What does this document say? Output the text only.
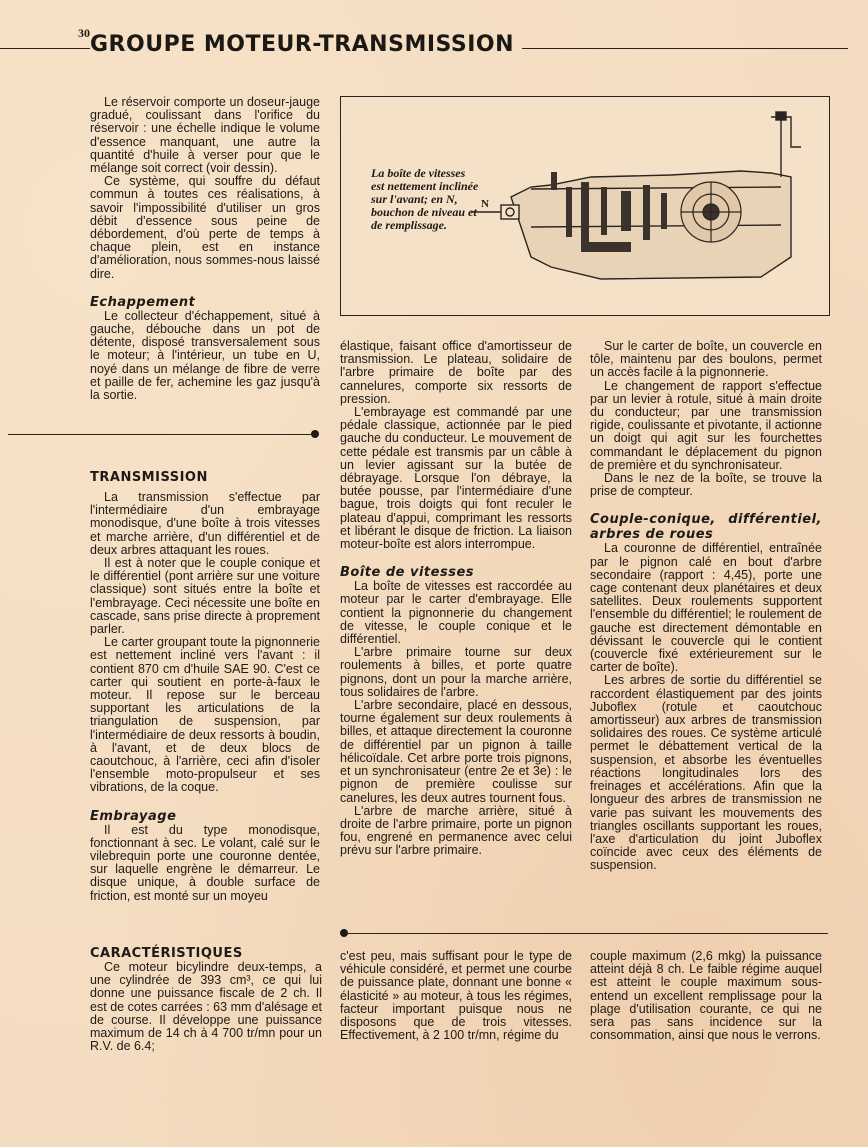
30 GROUPE MOTEUR-TRANSMISSION

Le réservoir comporte un doseur-jauge gradué, coulissant dans l'orifice du réservoir : une échelle indique le volume d'essence manquant, une autre la quantité d'huile à verser pour que le mélange soit correct (voir dessin).

Ce système, qui souffre du défaut commun à toutes ces réalisations, à savoir l'impossibilité d'utiliser un gros débit d'essence sous peine de débordement, d'où perte de temps à chaque plein, est en instance d'amélioration, nous sommes-nous laissé dire.

Echappement

Le collecteur d'échappement, situé à gauche, débouche dans un pot de détente, disposé transversalement sous le moteur; à l'intérieur, un tube en U, noyé dans un mélange de fibre de verre et paille de fer, achemine les gaz jusqu'à la sortie.

TRANSMISSION

La transmission s'effectue par l'intermédiaire d'un embrayage monodisque, d'une boîte à trois vitesses et marche arrière, d'un différentiel et de deux arbres attaquant les roues.

Il est à noter que le couple conique et le différentiel (pont arrière sur une voiture classique) sont situés entre la boîte et l'embrayage. Ceci nécessite une boîte en cascade, sans prise directe à proprement parler.

Le carter groupant toute la pignonnerie est nettement incliné vers l'avant : il contient 870 cm d'huile SAE 90. C'est ce carter qui soutient en porte-à-faux le moteur. Il repose sur le berceau supportant les articulations de la triangulation de suspension, par l'intermédiaire de deux ressorts à boudin, à l'avant, et de deux blocs de caoutchouc, à l'arrière, ceci afin d'isoler l'ensemble moto-propulseur et ses vibrations, de la coque.

Embrayage

Il est du type monodisque, fonctionnant à sec. Le volant, calé sur le vilebrequin porte une couronne dentée, sur laquelle engrène le démarreur. Le disque unique, à double surface de friction, est monté sur un moyeu

La boîte de vitesses est nettement inclinée sur l'avant; en N, bouchon de niveau et de remplissage.
N

élastique, faisant office d'amortisseur de transmission. Le plateau, solidaire de l'arbre primaire de boîte par des cannelures, comporte six ressorts de pression.

L'embrayage est commandé par une pédale classique, actionnée par le pied gauche du conducteur. Le mouvement de cette pédale est transmis par un câble à un levier agissant sur la butée de débrayage. Lorsque l'on débraye, la butée pousse, par l'intermédiaire d'une bague, trois doigts qui font reculer le plateau d'appui, comprimant les ressorts et libérant le disque de friction. La liaison moteur-boîte est alors interrompue.

Boîte de vitesses

La boîte de vitesses est raccordée au moteur par le carter d'embrayage. Elle contient la pignonnerie du changement de vitesse, le couple conique et le différentiel.

L'arbre primaire tourne sur deux roulements à billes, et porte quatre pignons, dont un pour la marche arrière, tous solidaires de l'arbre.

L'arbre secondaire, placé en dessous, tourne également sur deux roulements à billes, et attaque directement la couronne de différentiel par un pignon à taille hélicoïdale. Cet arbre porte trois pignons, et un synchronisateur (entre 2e et 3e) : le pignon de première coulisse sur canelures, les deux autres tournent fous.

L'arbre de marche arrière, situé à droite de l'arbre primaire, porte un pignon fou, engrené en permanence avec celui prévu sur l'arbre primaire.

Sur le carter de boîte, un couvercle en tôle, maintenu par des boulons, permet un accès facile à la pignonnerie.

Le changement de rapport s'effectue par un levier à rotule, situé à main droite du conducteur; par une transmission rigide, coulissante et pivotante, il actionne un doigt qui agit sur les fourchettes commandant le déplacement du pignon de première et du synchronisateur.

Dans le nez de la boîte, se trouve la prise de compteur.

Couple-conique, différentiel, arbres de roues

La couronne de différentiel, entraînée par le pignon calé en bout d'arbre secondaire (rapport : 4,45), porte une cage contenant deux planétaires et deux satellites. Deux roulements supportent l'ensemble du différentiel; le roulement de gauche est directement démontable en dévissant le couvercle qui le contient (couvercle fixé extérieurement sur le carter de boîte).

Les arbres de sortie du différentiel se raccordent élastiquement par des joints Juboflex (rotule et caoutchouc amortisseur) aux arbres de transmission solidaires des roues. Ce système articulé permet le débattement vertical de la suspension, et absorbe les éventuelles réactions longitudinales lors des freinages et accélérations. Afin que la longueur des arbres de transmission ne varie pas suivant les mouvements des triangles oscillants supportant les roues, l'axe d'articulation du joint Juboflex coïncide avec ceux des éléments de suspension.

CARACTÉRISTIQUES

Ce moteur bicylindre deux-temps, a une cylindrée de 393 cm³, ce qui lui donne une puissance fiscale de 2 ch. Il est de cotes carrées : 63 mm d'alésage et de course. Il développe une puissance maximum de 14 ch à 4 700 tr/mn pour un R.V. de 6.4;

c'est peu, mais suffisant pour le type de véhicule considéré, et permet une courbe de puissance plate, donnant une bonne « élasticité » au moteur, à tous les régimes, facteur important puisque nous ne disposons que de trois vitesses. Effectivement, à 2 100 tr/mn, régime du

couple maximum (2,6 mkg) la puissance atteint déjà 8 ch. Le faible régime auquel est atteint le couple maximum sous-entend un excellent remplissage pour la plage d'utilisation courante, ce qui ne sera pas sans incidence sur la consommation, ainsi que nous le verrons.
